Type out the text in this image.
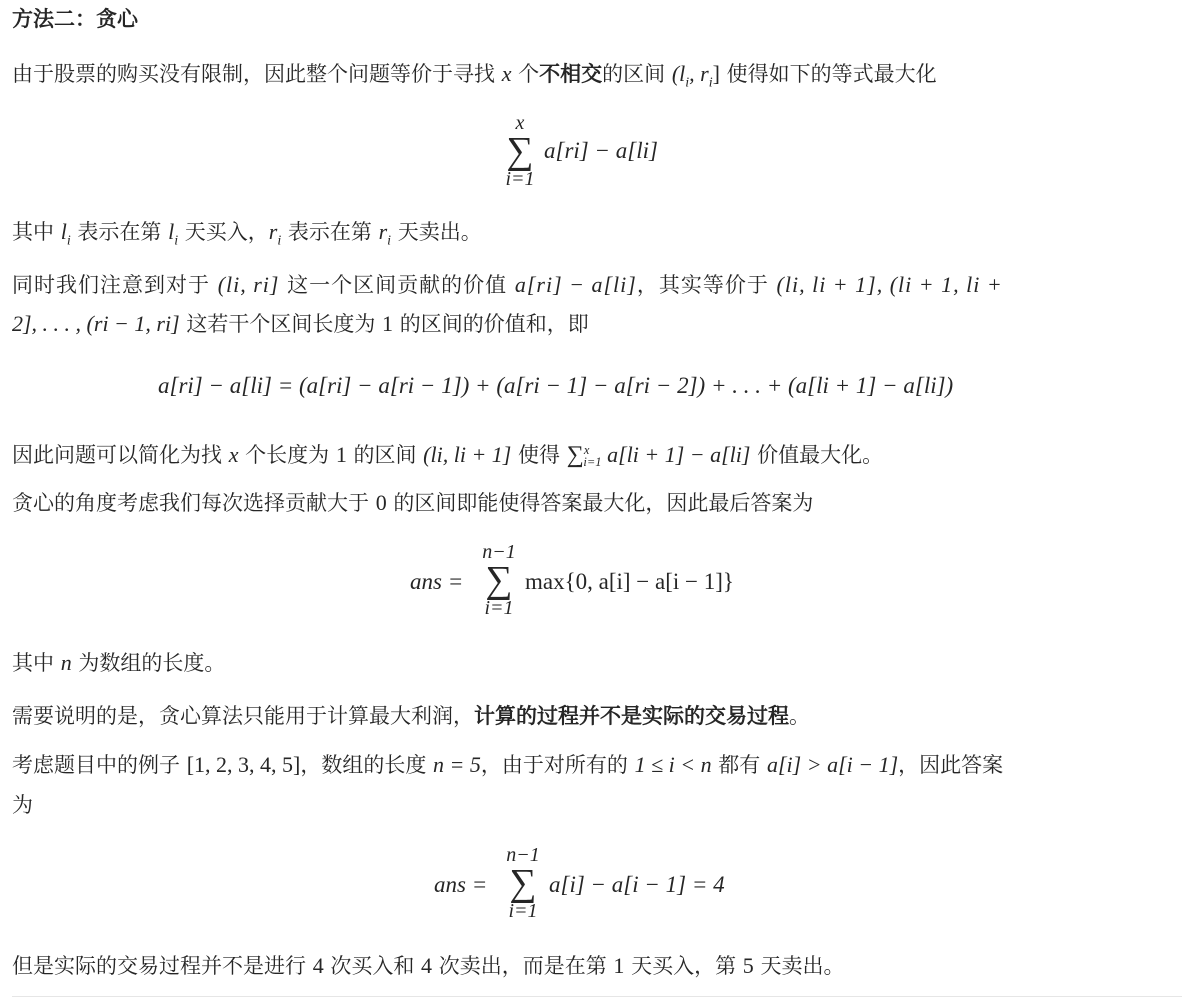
方法二：贪心
由于股票的购买没有限制，因此整个问题等价于寻找 x 个不相交的区间 ($l_i$, $r_i$] 使得如下的等式最大化
x
∑
i=1
a[ri] − a[li]
其中 $l_i$ 表示在第 $l_i$ 天买入，$r_i$ 表示在第 $r_i$ 天卖出。
同时我们注意到对于 (li, ri] 这一个区间贡献的价值 a[ri] − a[li]，其实等价于 (li, li + 1], (li + 1, li +
2], . . . , (ri − 1, ri] 这若干个区间长度为 1 的区间的价值和，即
a[ri] − a[li] = (a[ri] − a[ri − 1]) + (a[ri − 1] − a[ri − 2]) + . . . + (a[li + 1] − a[li])
因此问题可以简化为找 x 个长度为 1 的区间 (li, li + 1] 使得 ∑$^x_{i=1}$ a[li + 1] − a[li] 价值最大化。
贪心的角度考虑我们每次选择贡献大于 0 的区间即能使得答案最大化，因此最后答案为
ans =
n−1
∑
i=1
max{0, a[i] − a[i − 1]}
其中 n 为数组的长度。
需要说明的是，贪心算法只能用于计算最大利润，计算的过程并不是实际的交易过程。
考虑题目中的例子 [1, 2, 3, 4, 5]，数组的长度 n = 5，由于对所有的 1 ≤ i < n 都有 a[i] > a[i − 1]，因此答案
为
ans =
n−1
∑
i=1
a[i] − a[i − 1] = 4
但是实际的交易过程并不是进行 4 次买入和 4 次卖出，而是在第 1 天买入，第 5 天卖出。
